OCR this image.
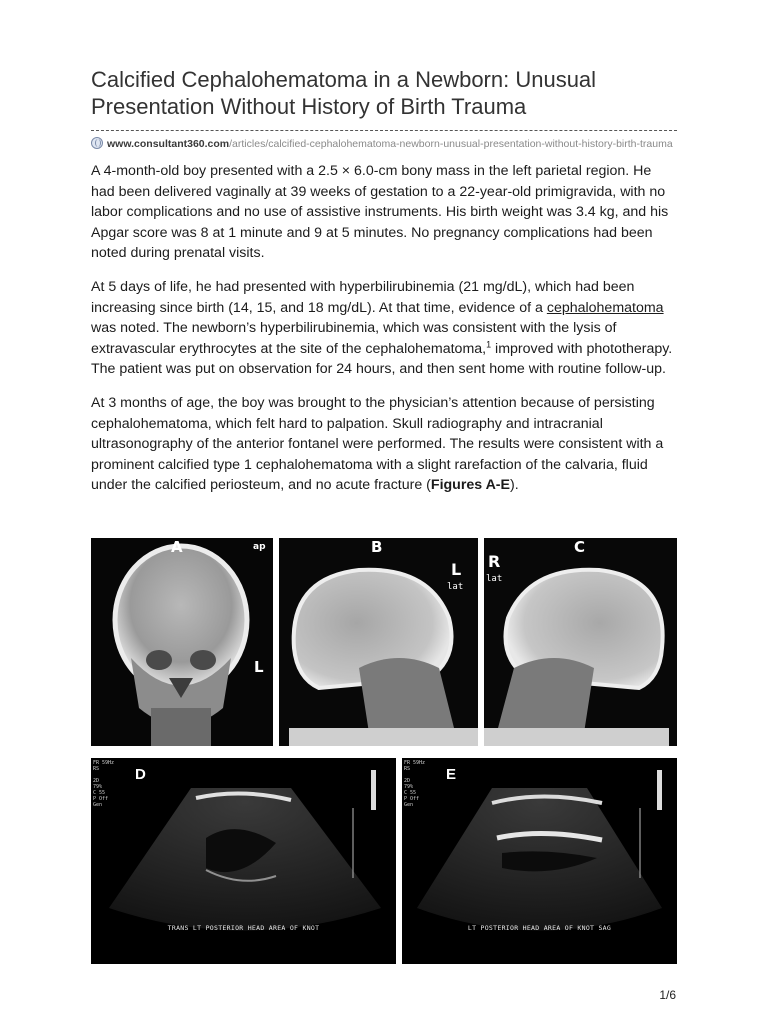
Calcified Cephalohematoma in a Newborn: Unusual Presentation Without History of Birth Trauma
www.consultant360.com/articles/calcified-cephalohematoma-newborn-unusual-presentation-without-history-birth-trauma

A 4-month-old boy presented with a 2.5 × 6.0-cm bony mass in the left parietal region. He had been delivered vaginally at 39 weeks of gestation to a 22-year-old primigravida, with no labor complications and no use of assistive instruments. His birth weight was 3.4 kg, and his Apgar score was 8 at 1 minute and 9 at 5 minutes. No pregnancy complications had been noted during prenatal visits.

At 5 days of life, he had presented with hyperbilirubinemia (21 mg/dL), which had been increasing since birth (14, 15, and 18 mg/dL). At that time, evidence of a cephalohematoma was noted. The newborn’s hyperbilirubinemia, which was consistent with the lysis of extravascular erythrocytes at the site of the cephalohematoma,$^1$ improved with phototherapy. The patient was put on observation for 24 hours, and then sent home with routine follow-up.

At 3 months of age, the boy was brought to the physician’s attention because of persisting cephalohematoma, which felt hard to palpation. Skull radiography and intracranial ultrasonography of the anterior fontanel were performed. The results were consistent with a prominent calcified type 1 cephalohematoma with a slight rarefaction of the calvaria, fluid under the calcified periosteum, and no acute fracture (Figures A-E).

A	ap
L
B
L
lat
C
R
lat
FR 59Hz
RS

2D
79%
C 55
P Off
Gen
D
TRANS LT POSTERIOR HEAD AREA OF KNOT
FR 59Hz
RS

2D
79%
C 55
P Off
Gen
E
LT POSTERIOR HEAD AREA OF KNOT SAG
1/6
